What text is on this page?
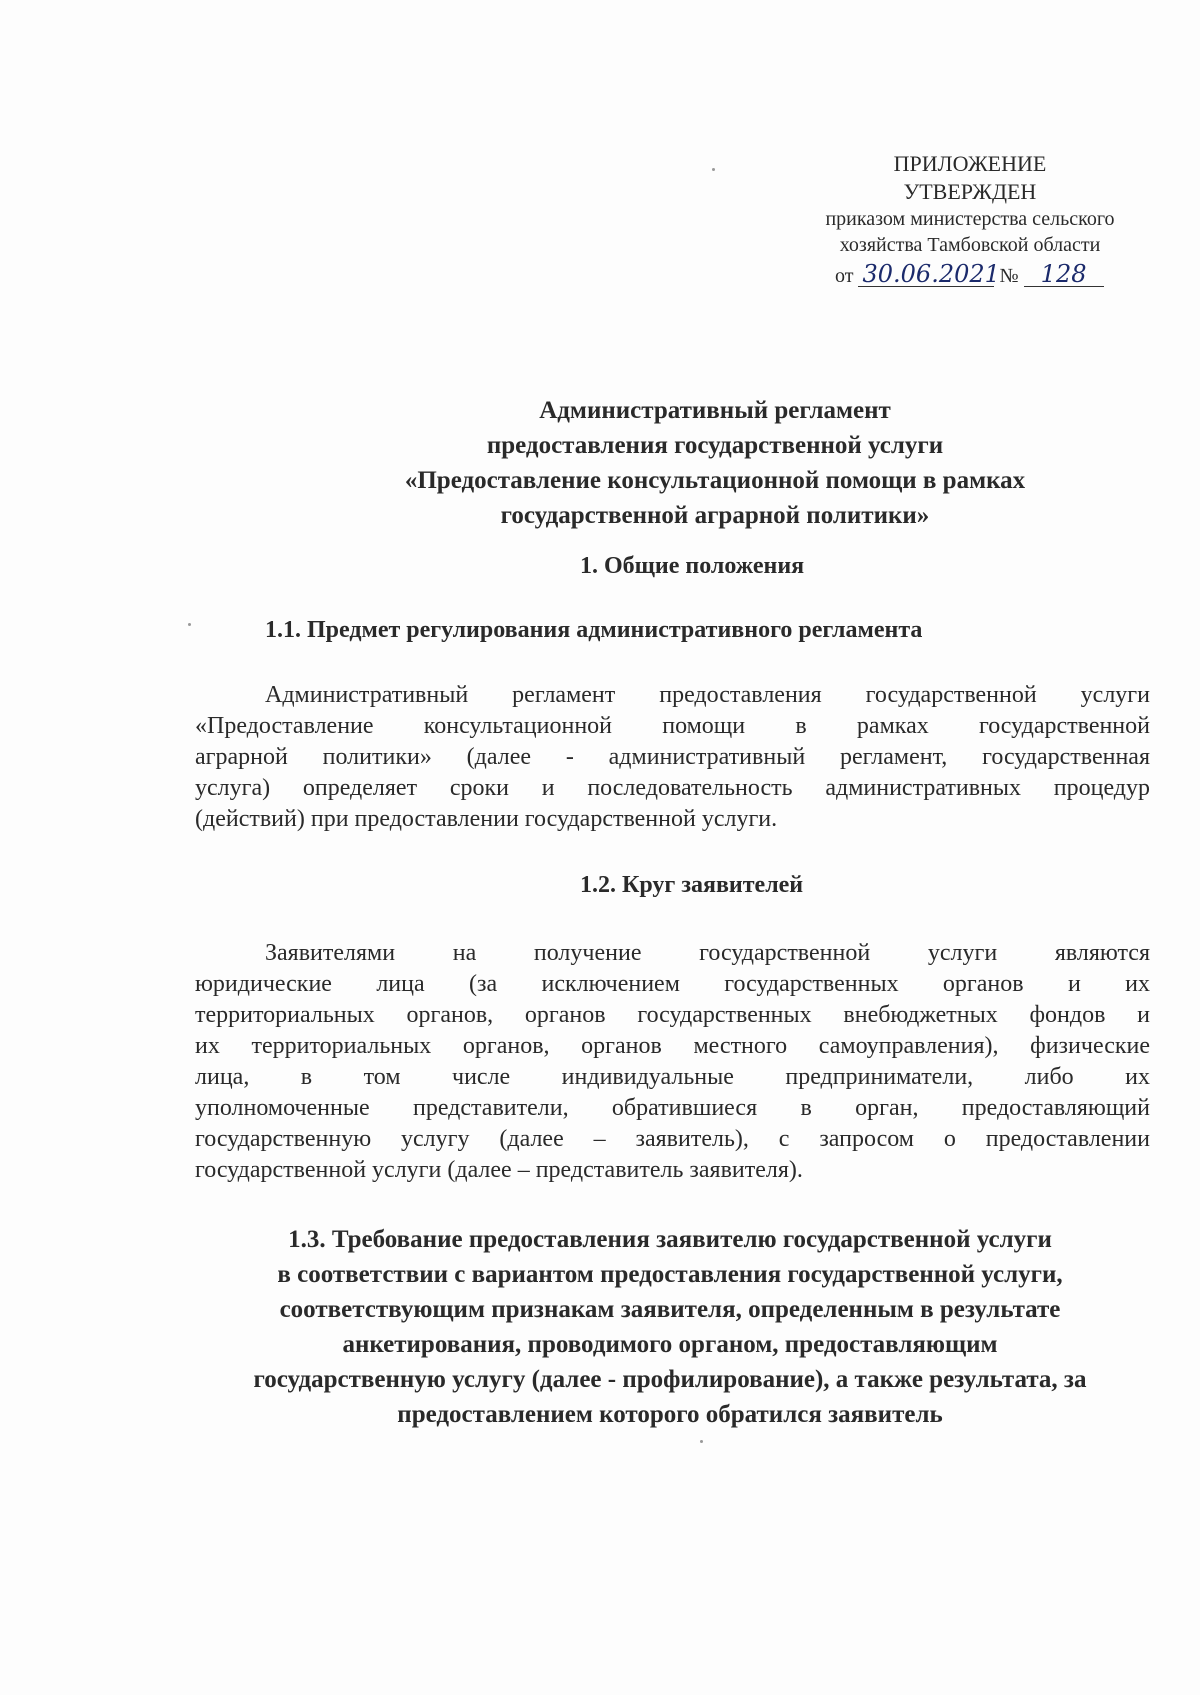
ПРИЛОЖЕНИЕ
УТВЕРЖДЕН
приказом министерства сельского
хозяйства Тамбовской области
от 30.06.2021 № 128
Административный регламент
предоставления государственной услуги
«Предоставление консультационной помощи в рамках
государственной аграрной политики»
1. Общие положения
1.1. Предмет регулирования административного регламента
Административный регламент предоставления государственной услуги
«Предоставление консультационной помощи в рамках государственной
аграрной политики» (далее - административный регламент, государственная
услуга) определяет сроки и последовательность административных процедур
(действий) при предоставлении государственной услуги.
1.2. Круг заявителей
Заявителями на получение государственной услуги являются
юридические лица (за исключением государственных органов и их
территориальных органов, органов государственных внебюджетных фондов и
их территориальных органов, органов местного самоуправления), физические
лица, в том числе индивидуальные предприниматели, либо их
уполномоченные представители, обратившиеся в орган, предоставляющий
государственную услугу (далее – заявитель), с запросом о предоставлении
государственной услуги (далее – представитель заявителя).
1.3. Требование предоставления заявителю государственной услуги
в соответствии с вариантом предоставления государственной услуги,
соответствующим признакам заявителя, определенным в результате
анкетирования, проводимого органом, предоставляющим
государственную услугу (далее - профилирование), а также результата, за
предоставлением которого обратился заявитель
